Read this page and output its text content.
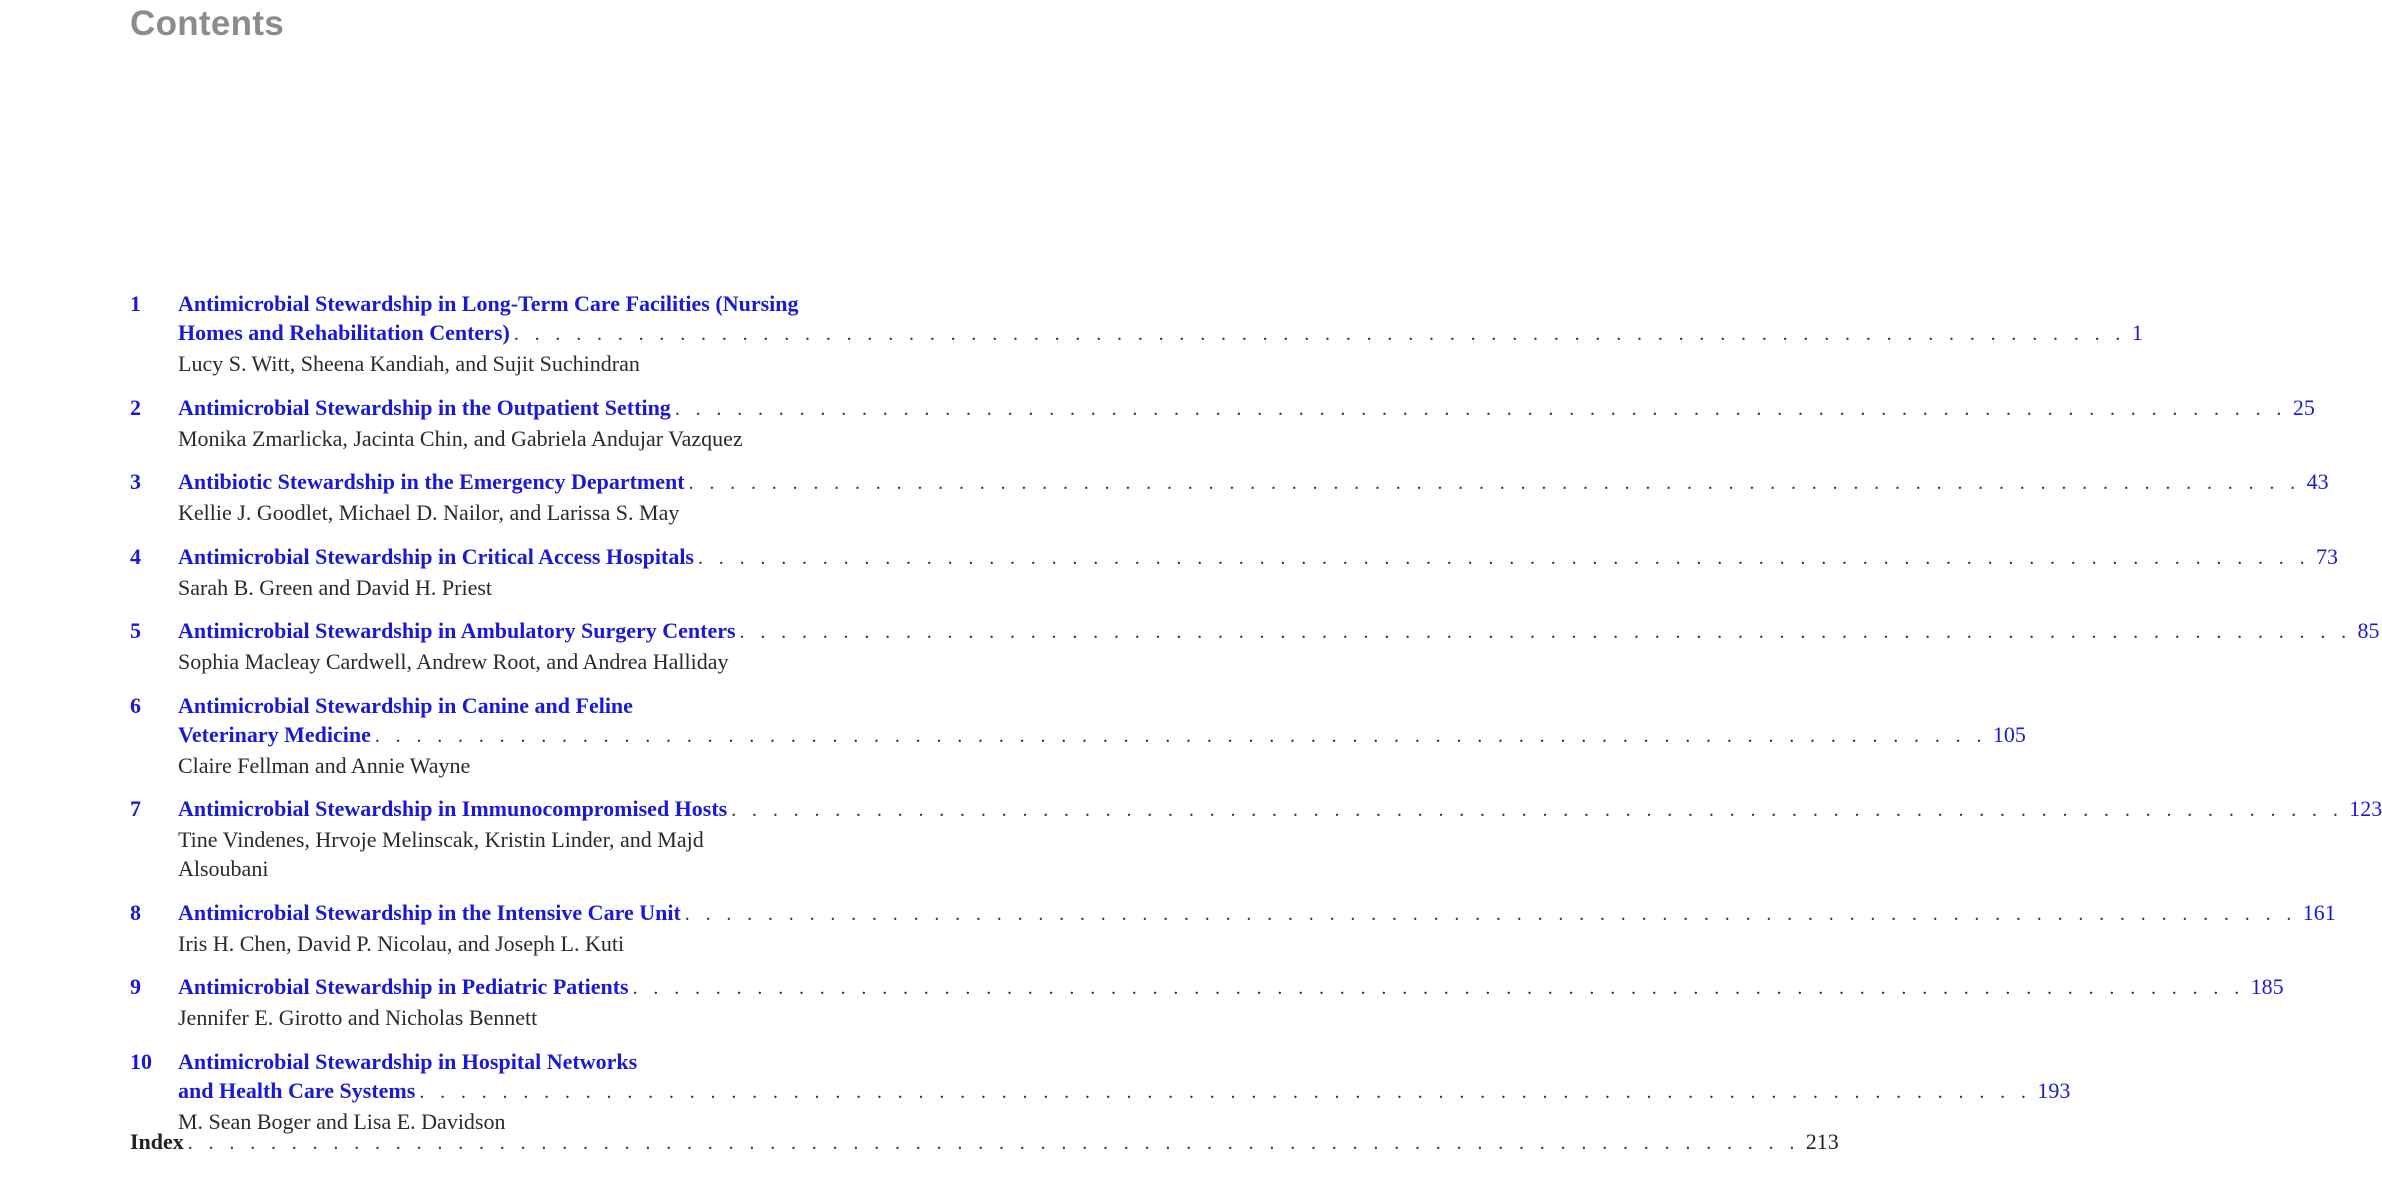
Contents
1	Antimicrobial Stewardship in Long-Term Care Facilities (Nursing
Homes and Rehabilitation Centers) . . . . . . . . . . . . . . . . . . . . . . . . . . . . . . . . . . . . . . . . . . . . . . . . . . . . . . . . . . . . . . . . . . . . . . . . . . . . . . 1
Lucy S. Witt, Sheena Kandiah, and Sujit Suchindran
2	Antimicrobial Stewardship in the Outpatient Setting . . . . . . . . . . . . . . . . . . . . . . . . . . . . . . . . . . . . . . . . . . . . . . . . . . . . . . . . . . . . . . . . . . . . . . . . . . . . . . 25
Monika Zmarlicka, Jacinta Chin, and Gabriela Andujar Vazquez
3	Antibiotic Stewardship in the Emergency Department . . . . . . . . . . . . . . . . . . . . . . . . . . . . . . . . . . . . . . . . . . . . . . . . . . . . . . . . . . . . . . . . . . . . . . . . . . . . . . 43
Kellie J. Goodlet, Michael D. Nailor, and Larissa S. May
4	Antimicrobial Stewardship in Critical Access Hospitals . . . . . . . . . . . . . . . . . . . . . . . . . . . . . . . . . . . . . . . . . . . . . . . . . . . . . . . . . . . . . . . . . . . . . . . . . . . . . . 73
Sarah B. Green and David H. Priest
5	Antimicrobial Stewardship in Ambulatory Surgery Centers . . . . . . . . . . . . . . . . . . . . . . . . . . . . . . . . . . . . . . . . . . . . . . . . . . . . . . . . . . . . . . . . . . . . . . . . . . . . . . 85
Sophia Macleay Cardwell, Andrew Root, and Andrea Halliday
6	Antimicrobial Stewardship in Canine and Feline
Veterinary Medicine . . . . . . . . . . . . . . . . . . . . . . . . . . . . . . . . . . . . . . . . . . . . . . . . . . . . . . . . . . . . . . . . . . . . . . . . . . . . . . 105
Claire Fellman and Annie Wayne
7	Antimicrobial Stewardship in Immunocompromised Hosts . . . . . . . . . . . . . . . . . . . . . . . . . . . . . . . . . . . . . . . . . . . . . . . . . . . . . . . . . . . . . . . . . . . . . . . . . . . . . . 123
Tine Vindenes, Hrvoje Melinscak, Kristin Linder, and Majd Alsoubani
8	Antimicrobial Stewardship in the Intensive Care Unit . . . . . . . . . . . . . . . . . . . . . . . . . . . . . . . . . . . . . . . . . . . . . . . . . . . . . . . . . . . . . . . . . . . . . . . . . . . . . . 161
Iris H. Chen, David P. Nicolau, and Joseph L. Kuti
9	Antimicrobial Stewardship in Pediatric Patients . . . . . . . . . . . . . . . . . . . . . . . . . . . . . . . . . . . . . . . . . . . . . . . . . . . . . . . . . . . . . . . . . . . . . . . . . . . . . . 185
Jennifer E. Girotto and Nicholas Bennett
10	Antimicrobial Stewardship in Hospital Networks
and Health Care Systems . . . . . . . . . . . . . . . . . . . . . . . . . . . . . . . . . . . . . . . . . . . . . . . . . . . . . . . . . . . . . . . . . . . . . . . . . . . . . . 193
M. Sean Boger and Lisa E. Davidson
Index . . . . . . . . . . . . . . . . . . . . . . . . . . . . . . . . . . . . . . . . . . . . . . . . . . . . . . . . . . . . . . . . . . . . . . . . . . . . . . 213
